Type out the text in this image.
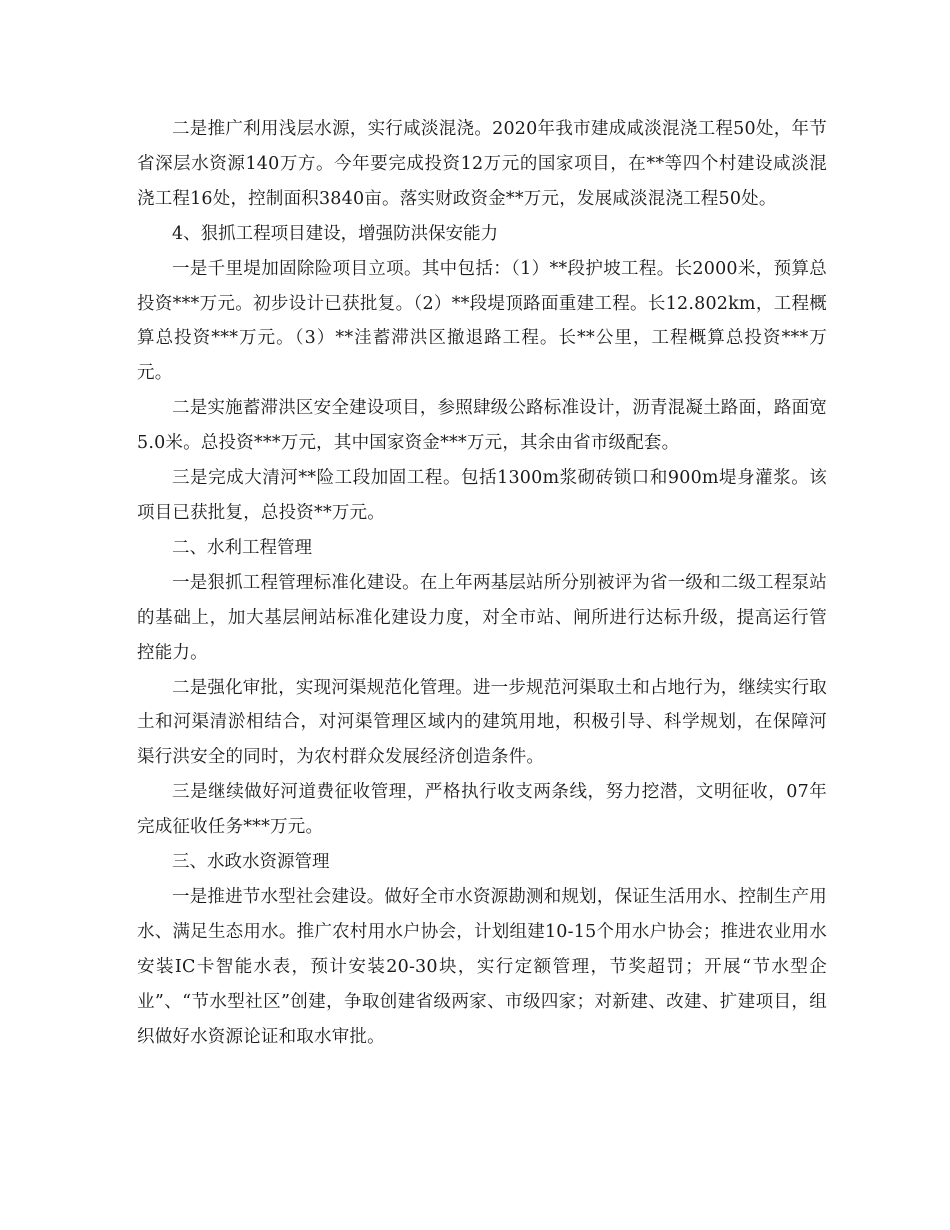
二是推广利用浅层水源，实行咸淡混浇。2020年我市建成咸淡混浇工程50处，年节省深层水资源140万方。今年要完成投资12万元的国家项目，在**等四个村建设咸淡混浇工程16处，控制面积3840亩。落实财政资金**万元，发展咸淡混浇工程50处。

4、狠抓工程项目建设，增强防洪保安能力

一是千里堤加固除险项目立项。其中包括：（1）**段护坡工程。长2000米，预算总投资***万元。初步设计已获批复。（2）**段堤顶路面重建工程。长12.802km，工程概算总投资***万元。（3）**洼蓄滞洪区撤退路工程。长**公里，工程概算总投资***万元。

二是实施蓄滞洪区安全建设项目，参照肆级公路标准设计，沥青混凝土路面，路面宽5.0米。总投资***万元，其中国家资金***万元，其余由省市级配套。

三是完成大清河**险工段加固工程。包括1300m浆砌砖锁口和900m堤身灌浆。该项目已获批复，总投资**万元。

二、水利工程管理

一是狠抓工程管理标准化建设。在上年两基层站所分别被评为省一级和二级工程泵站的基础上，加大基层闸站标准化建设力度，对全市站、闸所进行达标升级，提高运行管控能力。

二是强化审批，实现河渠规范化管理。进一步规范河渠取土和占地行为，继续实行取土和河渠清淤相结合，对河渠管理区域内的建筑用地，积极引导、科学规划，在保障河渠行洪安全的同时，为农村群众发展经济创造条件。

三是继续做好河道费征收管理，严格执行收支两条线，努力挖潜，文明征收，07年完成征收任务***万元。

三、水政水资源管理

一是推进节水型社会建设。做好全市水资源勘测和规划，保证生活用水、控制生产用水、满足生态用水。推广农村用水户协会，计划组建10-15个用水户协会；推进农业用水安装IC卡智能水表，预计安装20-30块，实行定额管理，节奖超罚；开展“节水型企业”、“节水型社区”创建，争取创建省级两家、市级四家；对新建、改建、扩建项目，组织做好水资源论证和取水审批。
